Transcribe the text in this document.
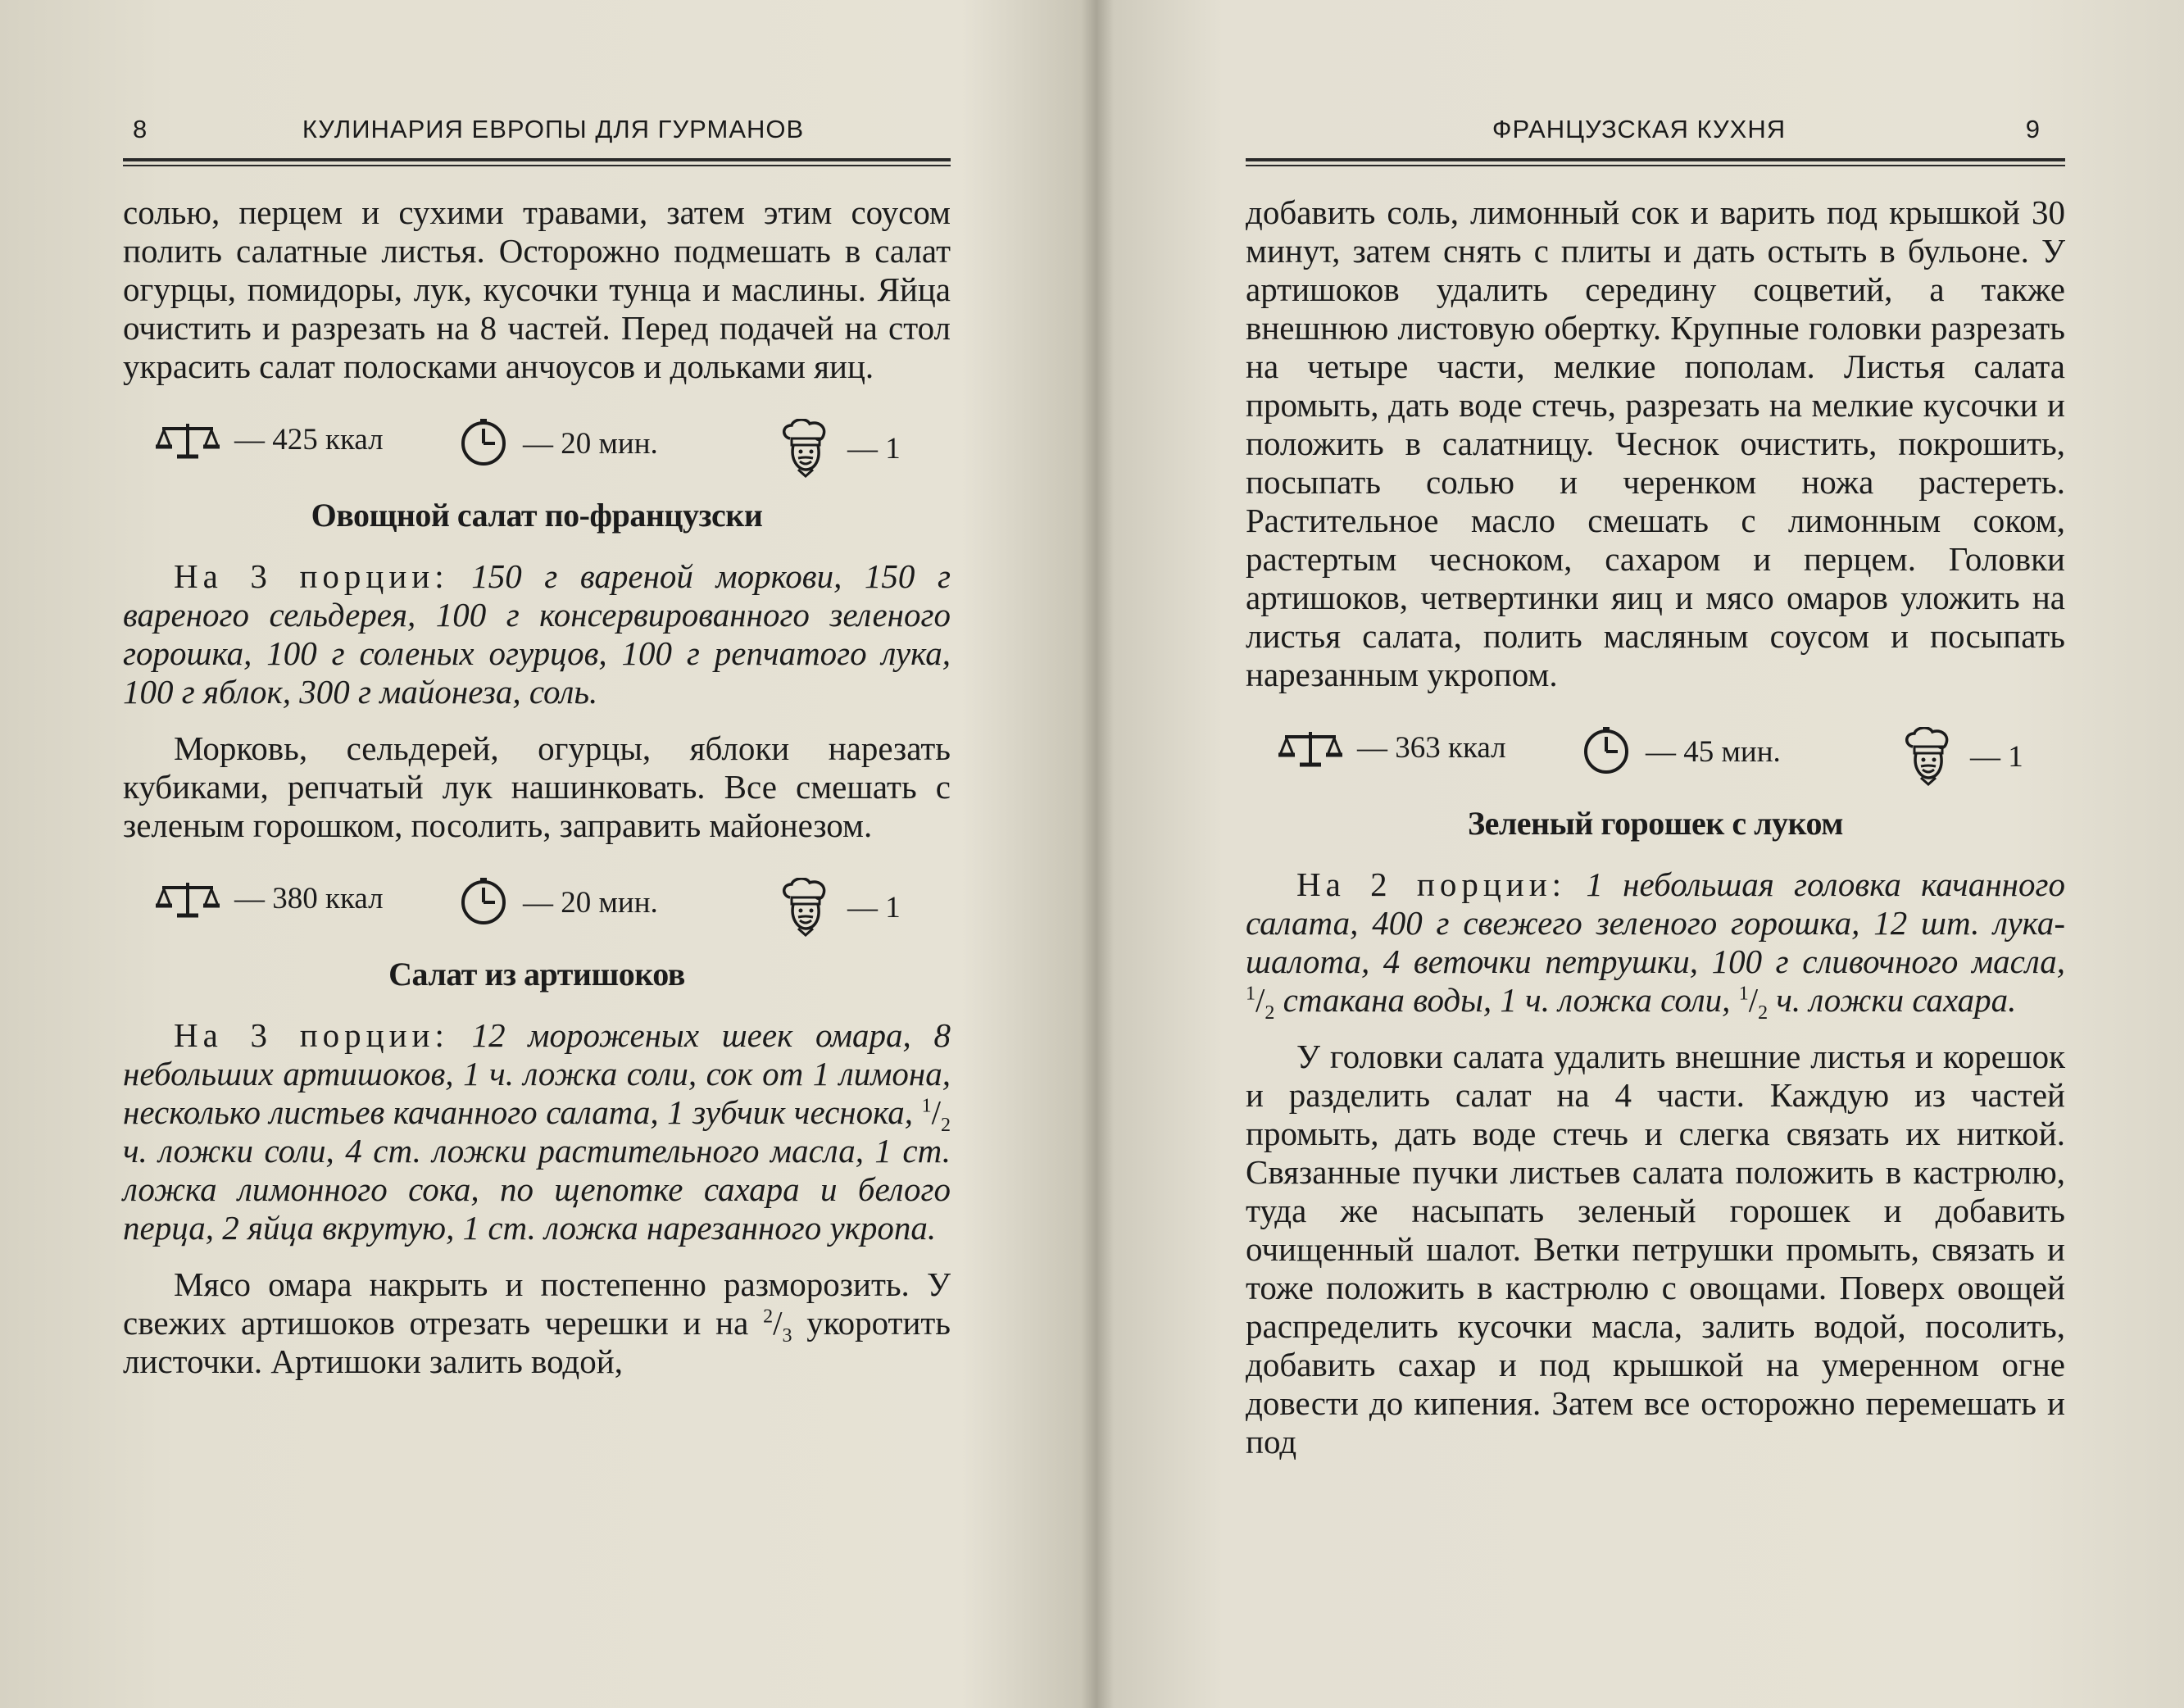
8	КУЛИНАРИЯ ЕВРОПЫ ДЛЯ ГУРМАНОВ

солью, перцем и сухими травами, затем этим соусом полить салатные листья. Осторожно подмешать в салат огурцы, помидоры, лук, кусочки тунца и маслины. Яйца очистить и разрезать на 8 частей. Перед подачей на стол украсить салат полосками анчоусов и дольками яиц.

— 425 ккал	— 20 мин.	— 1
Овощной салат по-французски

На 3 порции: 150 г вареной моркови, 150 г вареного сельдерея, 100 г консервированного зеленого горошка, 100 г соленых огурцов, 100 г репчатого лука, 100 г яблок, 300 г майонеза, соль.

Морковь, сельдерей, огурцы, яблоки нарезать кубиками, репчатый лук нашинковать. Все смешать с зеленым горошком, посолить, заправить майонезом.

— 380 ккал	— 20 мин.	— 1
Салат из артишоков

На 3 порции: 12 мороженых шеек омара, 8 небольших артишоков, 1 ч. ложка соли, сок от 1 лимона, несколько листьев качанного салата, 1 зубчик чеснока, $^1/_2$ ч. ложки соли, 4 ст. ложки растительного масла, 1 ст. ложка лимонного сока, по щепотке сахара и белого перца, 2 яйца вкрутую, 1 ст. ложка нарезанного укропа.

Мясо омара накрыть и постепенно разморозить. У свежих артишоков отрезать черешки и на $^2/_3$ укоротить листочки. Артишоки залить водой,

ФРАНЦУЗСКАЯ КУХНЯ	9

добавить соль, лимонный сок и варить под крышкой 30 минут, затем снять с плиты и дать остыть в бульоне. У артишоков удалить середину соцветий, а также внешнюю листовую обертку. Крупные головки разрезать на четыре части, мелкие пополам. Листья салата промыть, дать воде стечь, разрезать на мелкие кусочки и положить в салатницу. Чеснок очистить, покрошить, посыпать солью и черенком ножа растереть. Растительное масло смешать с лимонным соком, растертым чесноком, сахаром и перцем. Головки артишоков, четвертинки яиц и мясо омаров уложить на листья салата, полить масляным соусом и посыпать нарезанным укропом.

— 363 ккал	— 45 мин.	— 1
Зеленый горошек с луком

На 2 порции: 1 небольшая головка качанного салата, 400 г свежего зеленого горошка, 12 шт. лука-шалота, 4 веточки петрушки, 100 г сливочного масла, $^1/_2$ стакана воды, 1 ч. ложка соли, $^1/_2$ ч. ложки сахара.

У головки салата удалить внешние листья и корешок и разделить салат на 4 части. Каждую из частей промыть, дать воде стечь и слегка связать их ниткой. Связанные пучки листьев салата положить в кастрюлю, туда же насыпать зеленый горошек и добавить очищенный шалот. Ветки петрушки промыть, связать и тоже положить в кастрюлю с овощами. Поверх овощей распределить кусочки масла, залить водой, посолить, добавить сахар и под крышкой на умеренном огне довести до кипения. Затем все осторожно перемешать и под
